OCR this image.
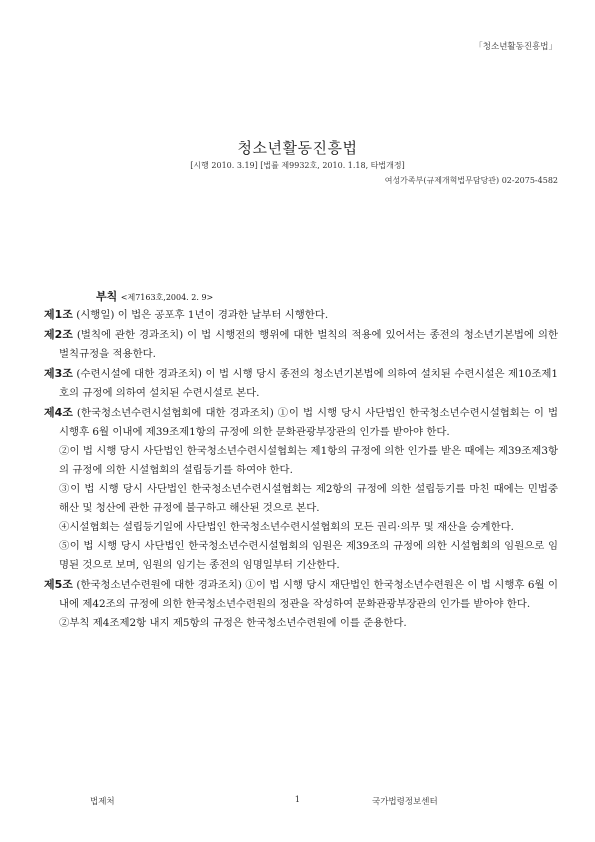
「청소년활동진흥법」
청소년활동진흥법
[시행 2010. 3.19] [법률 제9932호, 2010. 1.18, 타법개정]
여성가족부(규제개혁법무담당관) 02-2075-4582
부칙 <제7163호,2004. 2. 9>

제1조 (시행일) 이 법은 공포후 1년이 경과한 날부터 시행한다.

제2조 (벌칙에 관한 경과조치) 이 법 시행전의 행위에 대한 벌칙의 적용에 있어서는 종전의 청소년기본법에 의한 벌칙규정을 적용한다.

제3조 (수련시설에 대한 경과조치) 이 법 시행 당시 종전의 청소년기본법에 의하여 설치된 수련시설은 제10조제1호의 규정에 의하여 설치된 수련시설로 본다.

제4조 (한국청소년수련시설협회에 대한 경과조치) ①이 법 시행 당시 사단법인 한국청소년수련시설협회는 이 법 시행후 6월 이내에 제39조제1항의 규정에 의한 문화관광부장관의 인가를 받아야 한다.

②이 법 시행 당시 사단법인 한국청소년수련시설협회는 제1항의 규정에 의한 인가를 받은 때에는 제39조제3항의 규정에 의한 시설협회의 설립등기를 하여야 한다.

③이 법 시행 당시 사단법인 한국청소년수련시설협회는 제2항의 규정에 의한 설립등기를 마친 때에는 민법중 해산 및 청산에 관한 규정에 불구하고 해산된 것으로 본다.

④시설협회는 설립등기일에 사단법인 한국청소년수련시설협회의 모든 권리·의무 및 재산을 승계한다.

⑤이 법 시행 당시 사단법인 한국청소년수련시설협회의 임원은 제39조의 규정에 의한 시설협회의 임원으로 임명된 것으로 보며, 임원의 임기는 종전의 임명일부터 기산한다.

제5조 (한국청소년수련원에 대한 경과조치) ①이 법 시행 당시 재단법인 한국청소년수련원은 이 법 시행후 6월 이내에 제42조의 규정에 의한 한국청소년수련원의 정관을 작성하여 문화관광부장관의 인가를 받아야 한다.

②부칙 제4조제2항 내지 제5항의 규정은 한국청소년수련원에 이를 준용한다.

법제처	1	국가법령정보센터
